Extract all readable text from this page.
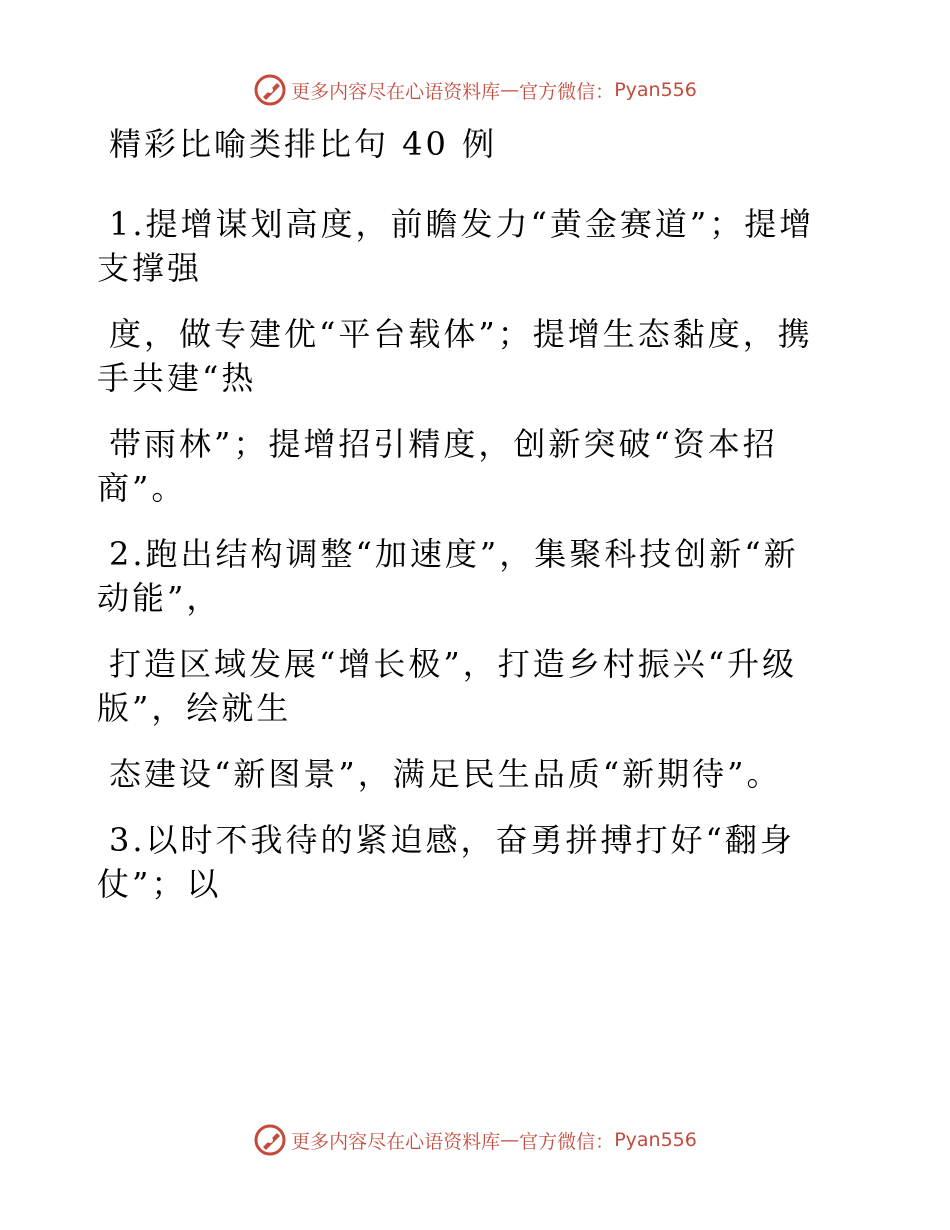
更多内容尽在心语资料库 — 官方微信： Pyan556
精彩比喻类排比句 40 例
1.提增谋划高度，前瞻发力“黄金赛道”；提增
支撑强
度，做专建优“平台载体”；提增生态黏度，携
手共建“热
带雨林”；提增招引精度，创新突破“资本招
商”。
2.跑出结构调整“加速度”，集聚科技创新“新
动能”，
打造区域发展“增长极”，打造乡村振兴“升级
版”，绘就生
态建设“新图景”，满足民生品质“新期待”。
3.以时不我待的紧迫感，奋勇拼搏打好“翻身
仗”；以
更多内容尽在心语资料库 — 官方微信： Pyan556
